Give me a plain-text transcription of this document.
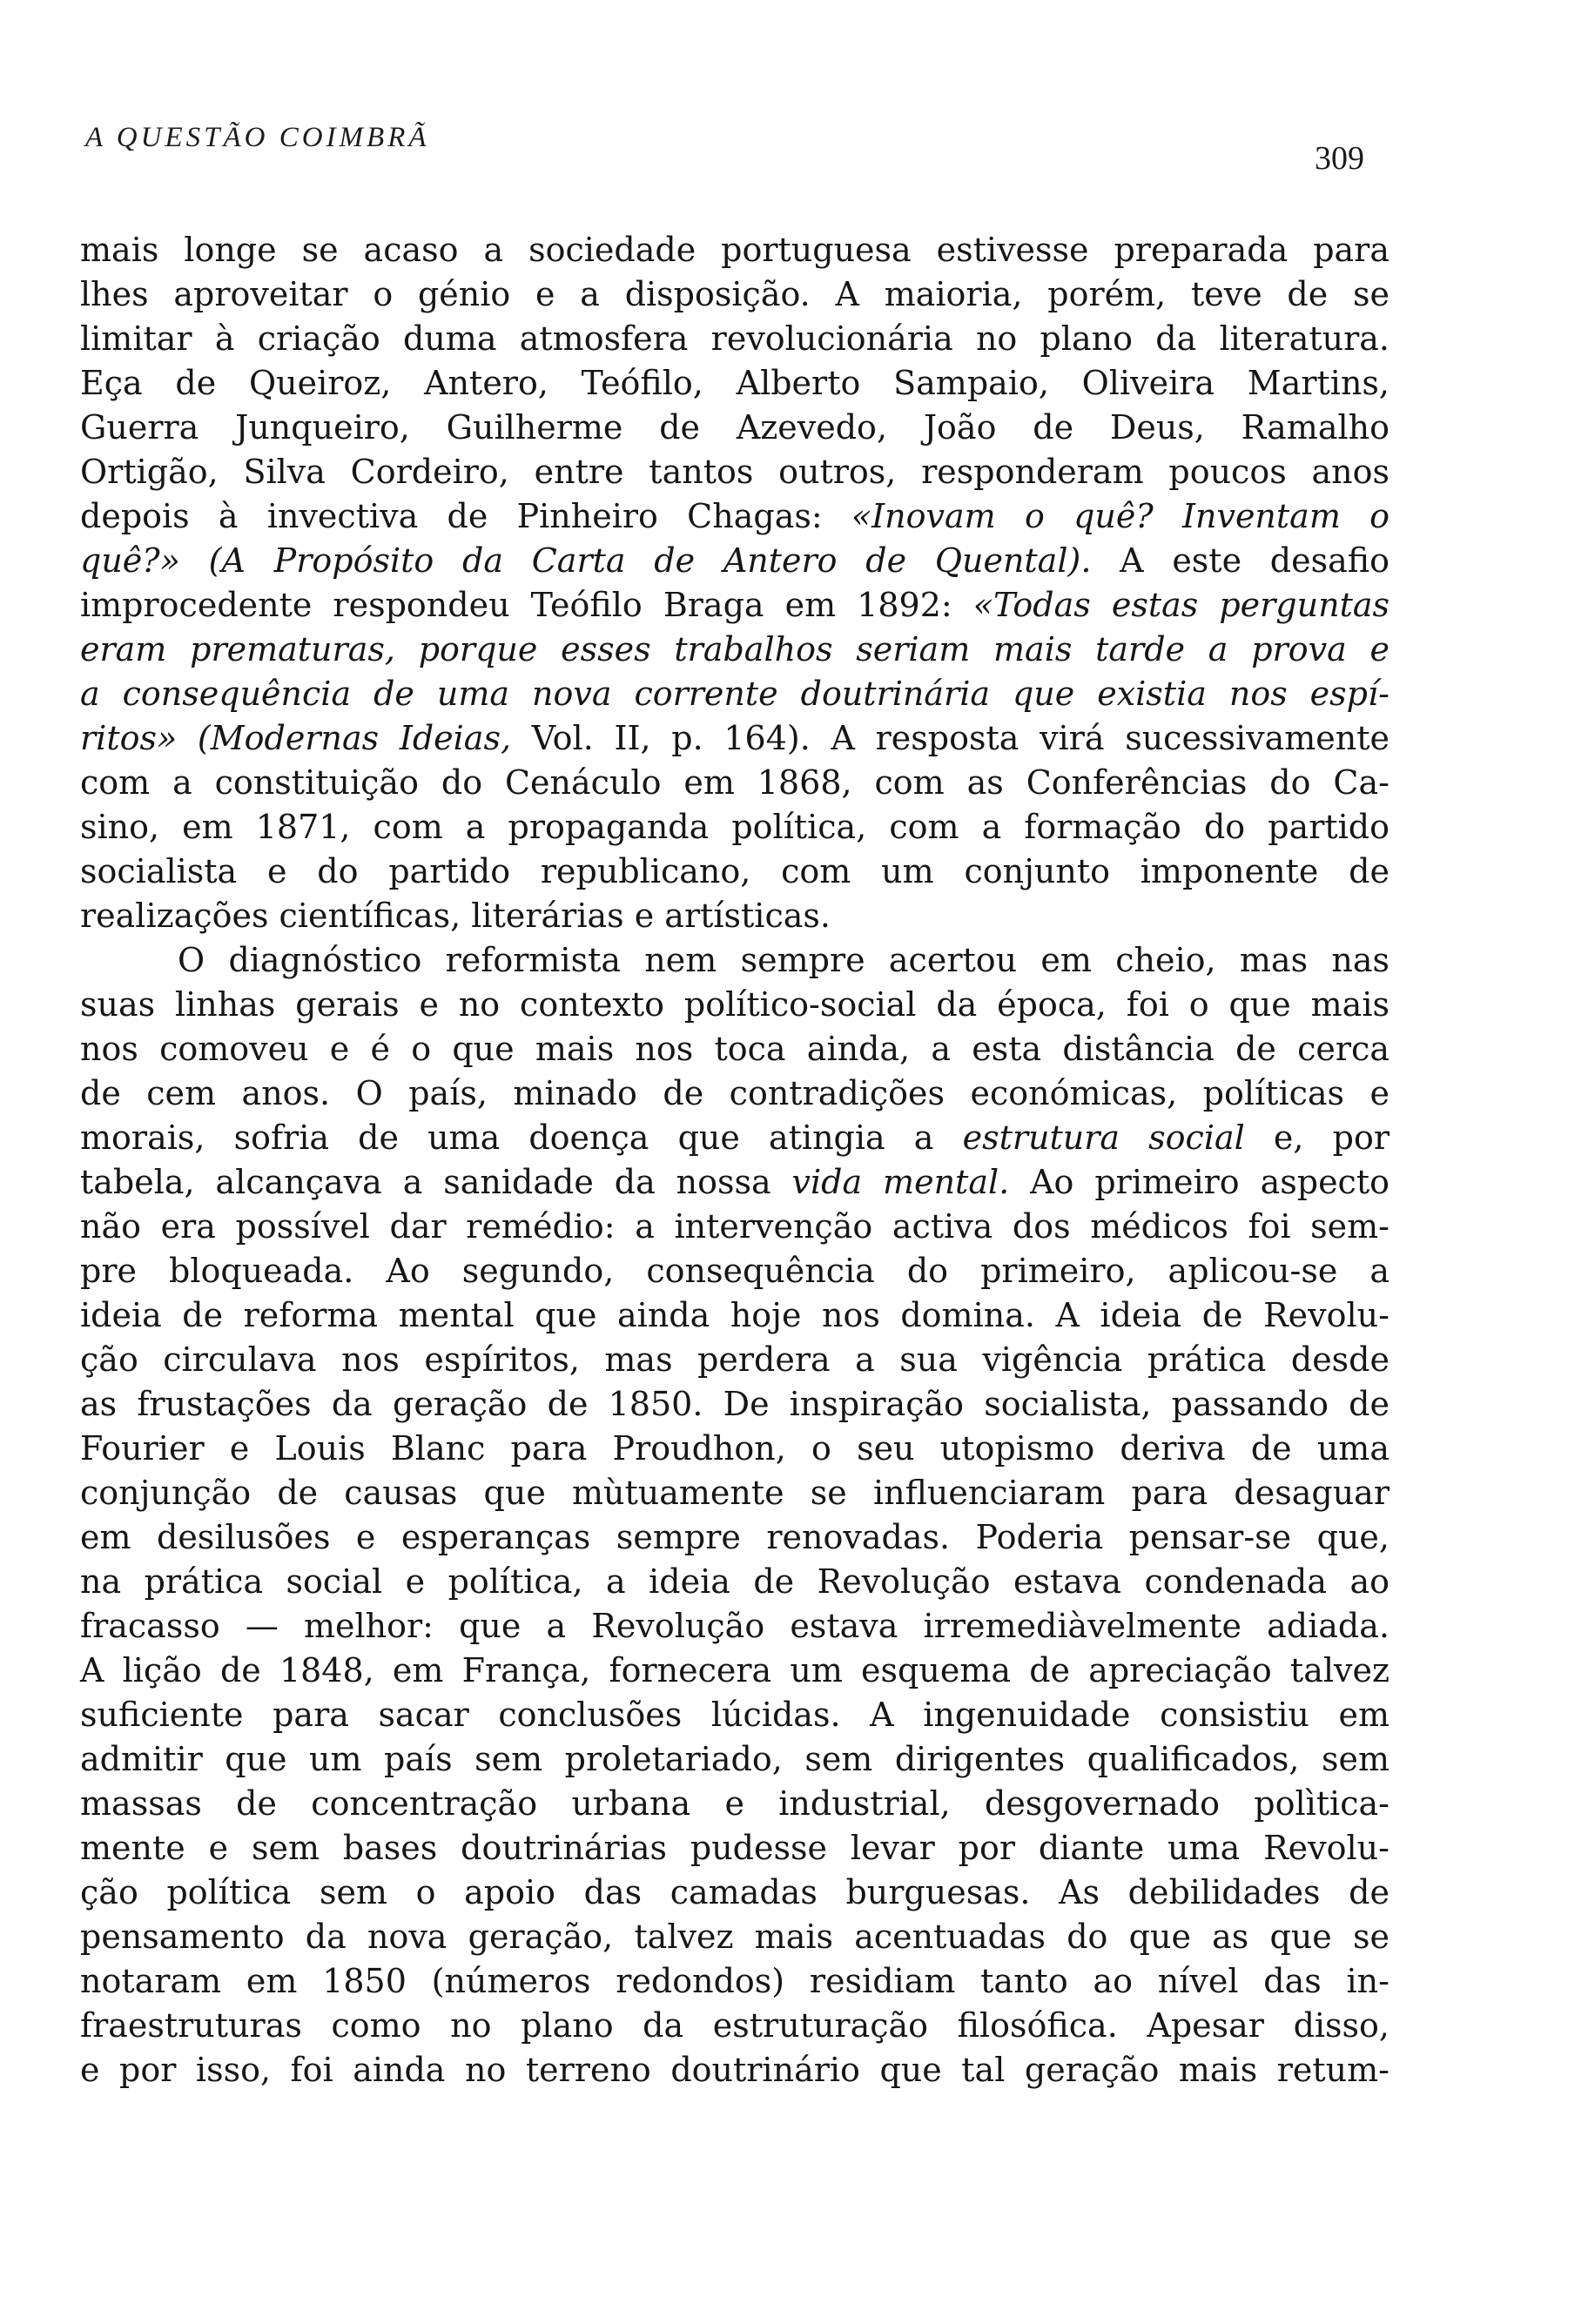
A QUESTÃO COIMBRÃ
309
mais longe se acaso a sociedade portuguesa estivesse preparada para
lhes aproveitar o génio e a disposição. A maioria, porém, teve de se
limitar à criação duma atmosfera revolucionária no plano da literatura.
Eça de Queiroz, Antero, Teófilo, Alberto Sampaio, Oliveira Martins,
Guerra Junqueiro, Guilherme de Azevedo, João de Deus, Ramalho
Ortigão, Silva Cordeiro, entre tantos outros, responderam poucos anos
depois à invectiva de Pinheiro Chagas: «Inovam o quê? Inventam o
quê?» (A Propósito da Carta de Antero de Quental). A este desafio
improcedente respondeu Teófilo Braga em 1892: «Todas estas perguntas
eram prematuras, porque esses trabalhos seriam mais tarde a prova e
a consequência de uma nova corrente doutrinária que existia nos espí-
ritos» (Modernas Ideias, Vol. II, p. 164). A resposta virá sucessivamente
com a constituição do Cenáculo em 1868, com as Conferências do Ca-
sino, em 1871, com a propaganda política, com a formação do partido
socialista e do partido republicano, com um conjunto imponente de
realizações científicas, literárias e artísticas.
O diagnóstico reformista nem sempre acertou em cheio, mas nas
suas linhas gerais e no contexto político-social da época, foi o que mais
nos comoveu e é o que mais nos toca ainda, a esta distância de cerca
de cem anos. O país, minado de contradições económicas, políticas e
morais, sofria de uma doença que atingia a estrutura social e, por
tabela, alcançava a sanidade da nossa vida mental. Ao primeiro aspecto
não era possível dar remédio: a intervenção activa dos médicos foi sem-
pre bloqueada. Ao segundo, consequência do primeiro, aplicou-se a
ideia de reforma mental que ainda hoje nos domina. A ideia de Revolu-
ção circulava nos espíritos, mas perdera a sua vigência prática desde
as frustações da geração de 1850. De inspiração socialista, passando de
Fourier e Louis Blanc para Proudhon, o seu utopismo deriva de uma
conjunção de causas que mùtuamente se influenciaram para desaguar
em desilusões e esperanças sempre renovadas. Poderia pensar-se que,
na prática social e política, a ideia de Revolução estava condenada ao
fracasso — melhor: que a Revolução estava irremediàvelmente adiada.
A lição de 1848, em França, fornecera um esquema de apreciação talvez
suficiente para sacar conclusões lúcidas. A ingenuidade consistiu em
admitir que um país sem proletariado, sem dirigentes qualificados, sem
massas de concentração urbana e industrial, desgovernado polìtica-
mente e sem bases doutrinárias pudesse levar por diante uma Revolu-
ção política sem o apoio das camadas burguesas. As debilidades de
pensamento da nova geração, talvez mais acentuadas do que as que se
notaram em 1850 (números redondos) residiam tanto ao nível das in-
fraestruturas como no plano da estruturação filosófica. Apesar disso,
e por isso, foi ainda no terreno doutrinário que tal geração mais retum-
